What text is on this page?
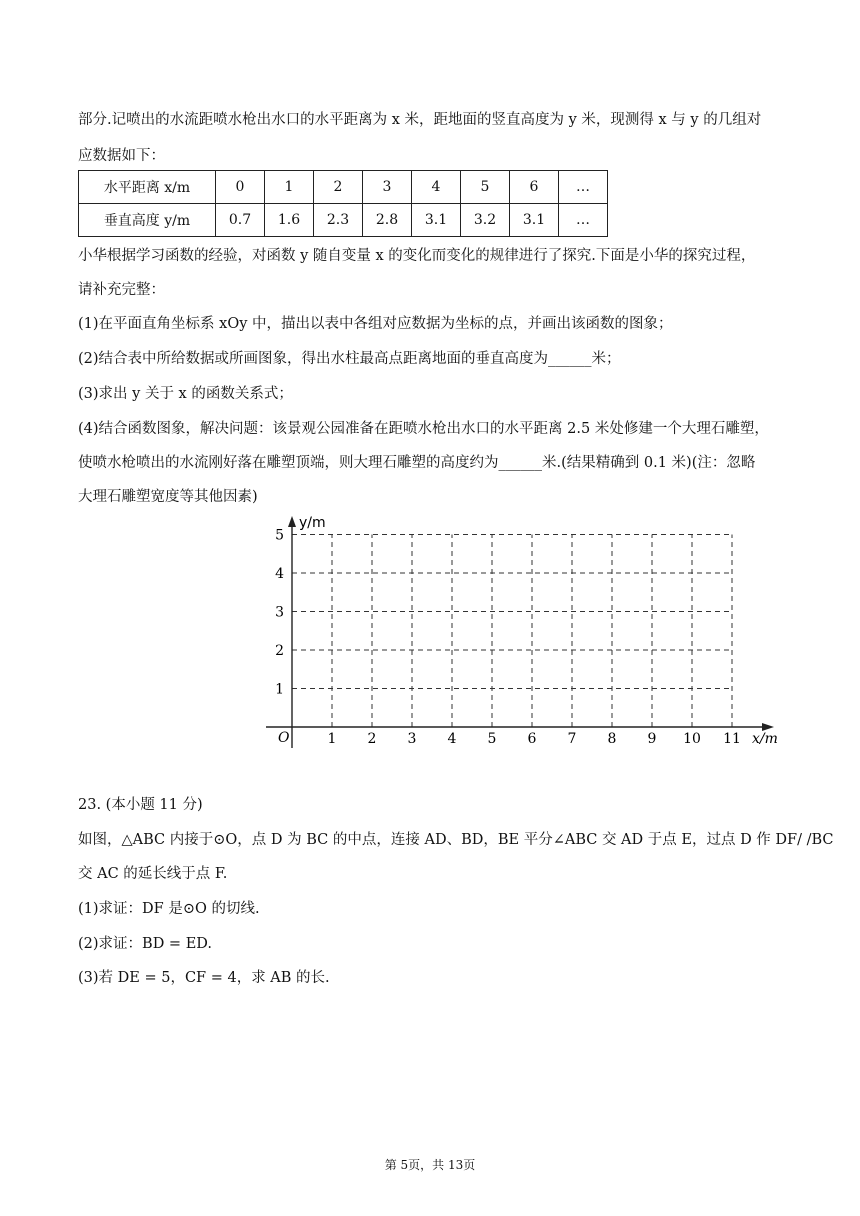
部分.记喷出的水流距喷水枪出水口的水平距离为 x 米，距地面的竖直高度为 y 米，现测得 x 与 y 的几组对
应数据如下：
水平距离 x/m	0	1	2	3	4	5	6	…
垂直高度 y/m	0.7	1.6	2.3	2.8	3.1	3.2	3.1	…
小华根据学习函数的经验，对函数 y 随自变量 x 的变化而变化的规律进行了探究.下面是小华的探究过程，
请补充完整：
(1)在平面直角坐标系 xOy 中，描出以表中各组对应数据为坐标的点，并画出该函数的图象；
(2)结合表中所给数据或所画图象，得出水柱最高点距离地面的垂直高度为______米；
(3)求出 y 关于 x 的函数关系式；
(4)结合函数图象，解决问题：该景观公园准备在距喷水枪出水口的水平距离 2.5 米处修建一个大理石雕塑，
使喷水枪喷出的水流刚好落在雕塑顶端，则大理石雕塑的高度约为______米.(结果精确到 0.1 米)(注：忽略
大理石雕塑宽度等其他因素)
y/m
x/m
O	1 2 3 4 5 6 7 8 9 10 11
1
2
3
4
5
23. (本小题 11 分)
如图，△ABC 内接于⊙O，点 D 为 BC 的中点，连接 AD、BD，BE 平分∠ABC 交 AD 于点 E，过点 D 作 DF/ /BC
交 AC 的延长线于点 F.
(1)求证：DF 是⊙O 的切线.
(2)求证：BD = ED.
(3)若 DE = 5，CF = 4，求 AB 的长.
第 5页，共 13页
